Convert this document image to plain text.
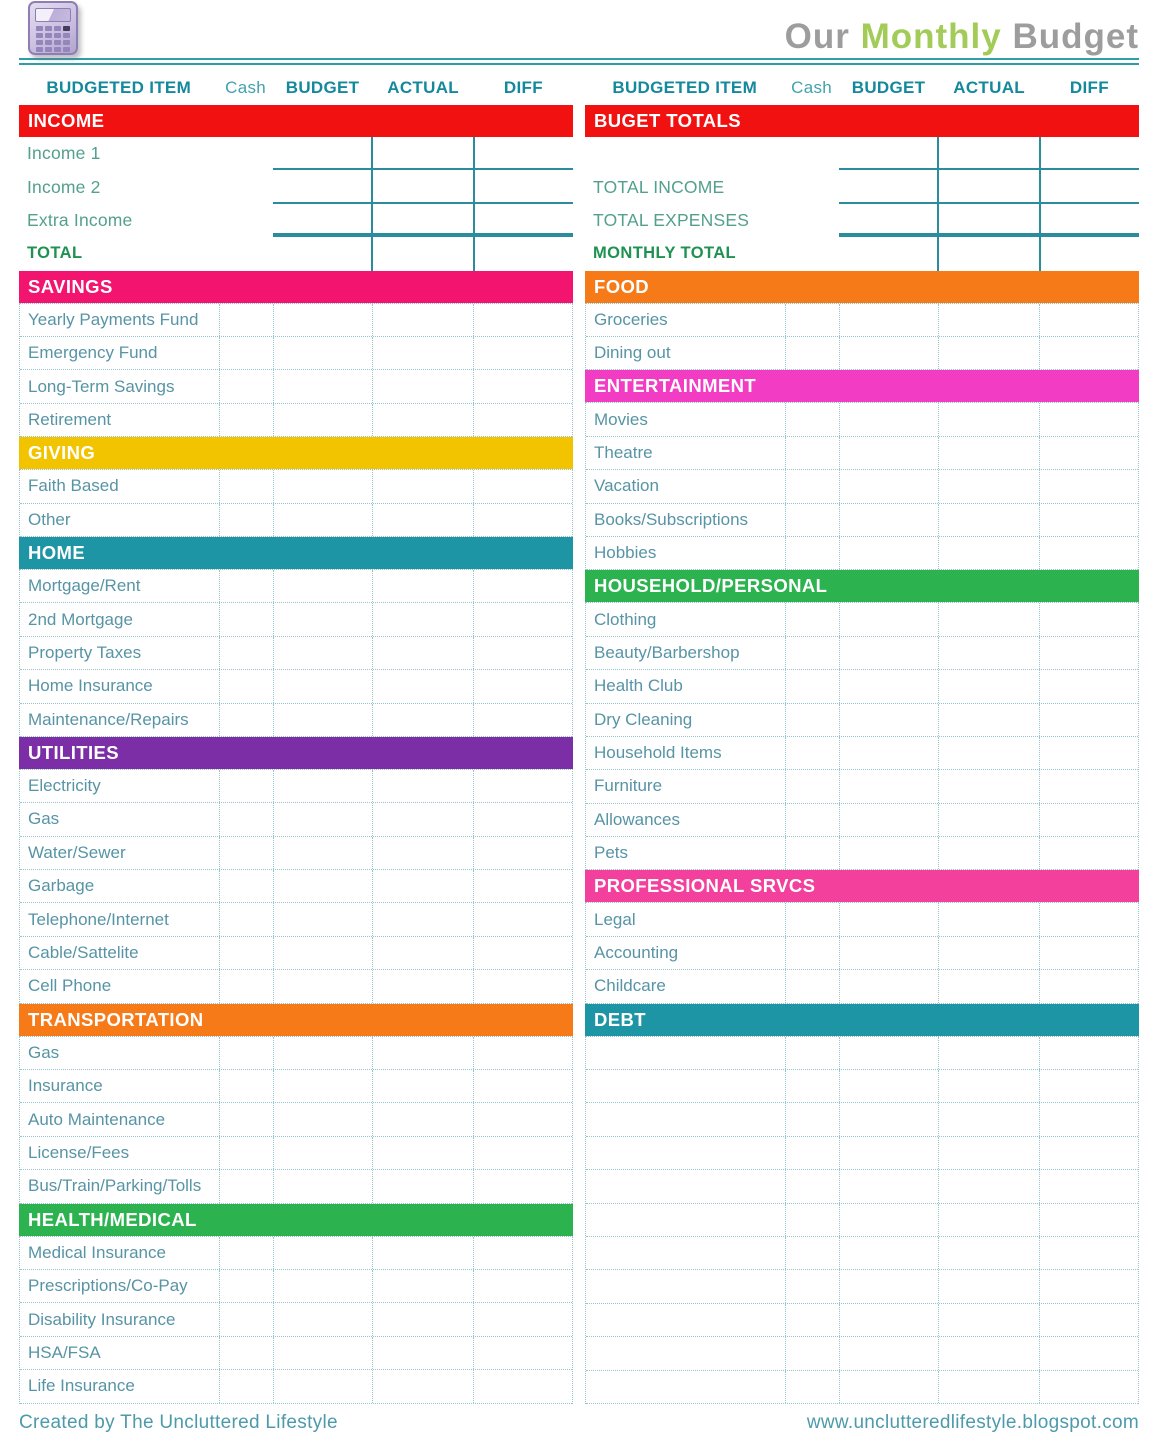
Our Monthly Budget
BUDGETED ITEM	Cash	BUDGET	ACTUAL	DIFF
INCOME
Income 1
Income 2
Extra Income
TOTAL
SAVINGS
Yearly Payments Fund
Emergency Fund
Long-Term Savings
Retirement
GIVING
Faith Based
Other
HOME
Mortgage/Rent
2nd Mortgage
Property Taxes
Home Insurance
Maintenance/Repairs
UTILITIES
Electricity
Gas
Water/Sewer
Garbage
Telephone/Internet
Cable/Sattelite
Cell Phone
TRANSPORTATION
Gas
Insurance
Auto Maintenance
License/Fees
Bus/Train/Parking/Tolls
HEALTH/MEDICAL
Medical Insurance
Prescriptions/Co-Pay
Disability Insurance
HSA/FSA
Life Insurance
BUDGETED ITEM	Cash	BUDGET	ACTUAL	DIFF
BUGET TOTALS
TOTAL INCOME
TOTAL EXPENSES
MONTHLY TOTAL
FOOD
Groceries
Dining out
ENTERTAINMENT
Movies
Theatre
Vacation
Books/Subscriptions
Hobbies
HOUSEHOLD/PERSONAL
Clothing
Beauty/Barbershop
Health Club
Dry Cleaning
Household Items
Furniture
Allowances
Pets
PROFESSIONAL SRVCS
Legal
Accounting
Childcare
DEBT
Created by The Uncluttered Lifestyle	www.unclutteredlifestyle.blogspot.com
